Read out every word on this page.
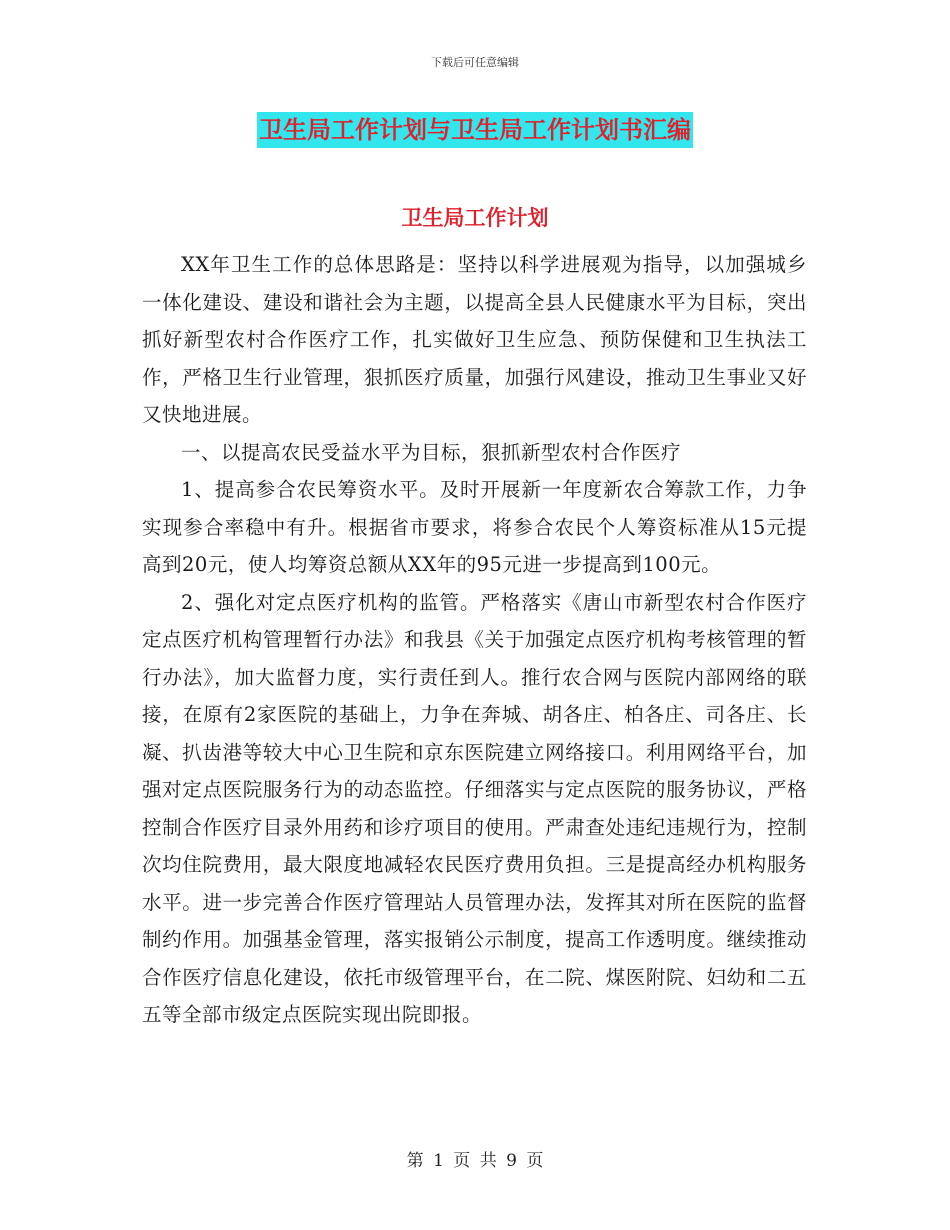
下载后可任意编辑
卫生局工作计划与卫生局工作计划书汇编
卫生局工作计划

XX年卫生工作的总体思路是：坚持以科学进展观为指导，以加强城乡一体化建设、建设和谐社会为主题，以提高全县人民健康水平为目标，突出抓好新型农村合作医疗工作，扎实做好卫生应急、预防保健和卫生执法工作，严格卫生行业管理，狠抓医疗质量，加强行风建设，推动卫生事业又好又快地进展。

一、以提高农民受益水平为目标，狠抓新型农村合作医疗

1、提高参合农民筹资水平。及时开展新一年度新农合筹款工作，力争实现参合率稳中有升。根据省市要求，将参合农民个人筹资标准从15元提高到20元，使人均筹资总额从XX年的95元进一步提高到100元。

2、强化对定点医疗机构的监管。严格落实《唐山市新型农村合作医疗定点医疗机构管理暂行办法》和我县《关于加强定点医疗机构考核管理的暂行办法》，加大监督力度，实行责任到人。推行农合网与医院内部网络的联接，在原有2家医院的基础上，力争在奔城、胡各庄、柏各庄、司各庄、长凝、扒齿港等较大中心卫生院和京东医院建立网络接口。利用网络平台，加强对定点医院服务行为的动态监控。仔细落实与定点医院的服务协议，严格控制合作医疗目录外用药和诊疗项目的使用。严肃查处违纪违规行为，控制次均住院费用，最大限度地减轻农民医疗费用负担。三是提高经办机构服务水平。进一步完善合作医疗管理站人员管理办法，发挥其对所在医院的监督制约作用。加强基金管理，落实报销公示制度，提高工作透明度。继续推动合作医疗信息化建设，依托市级管理平台，在二院、煤医附院、妇幼和二五五等全部市级定点医院实现出院即报。

第 1 页 共 9 页
